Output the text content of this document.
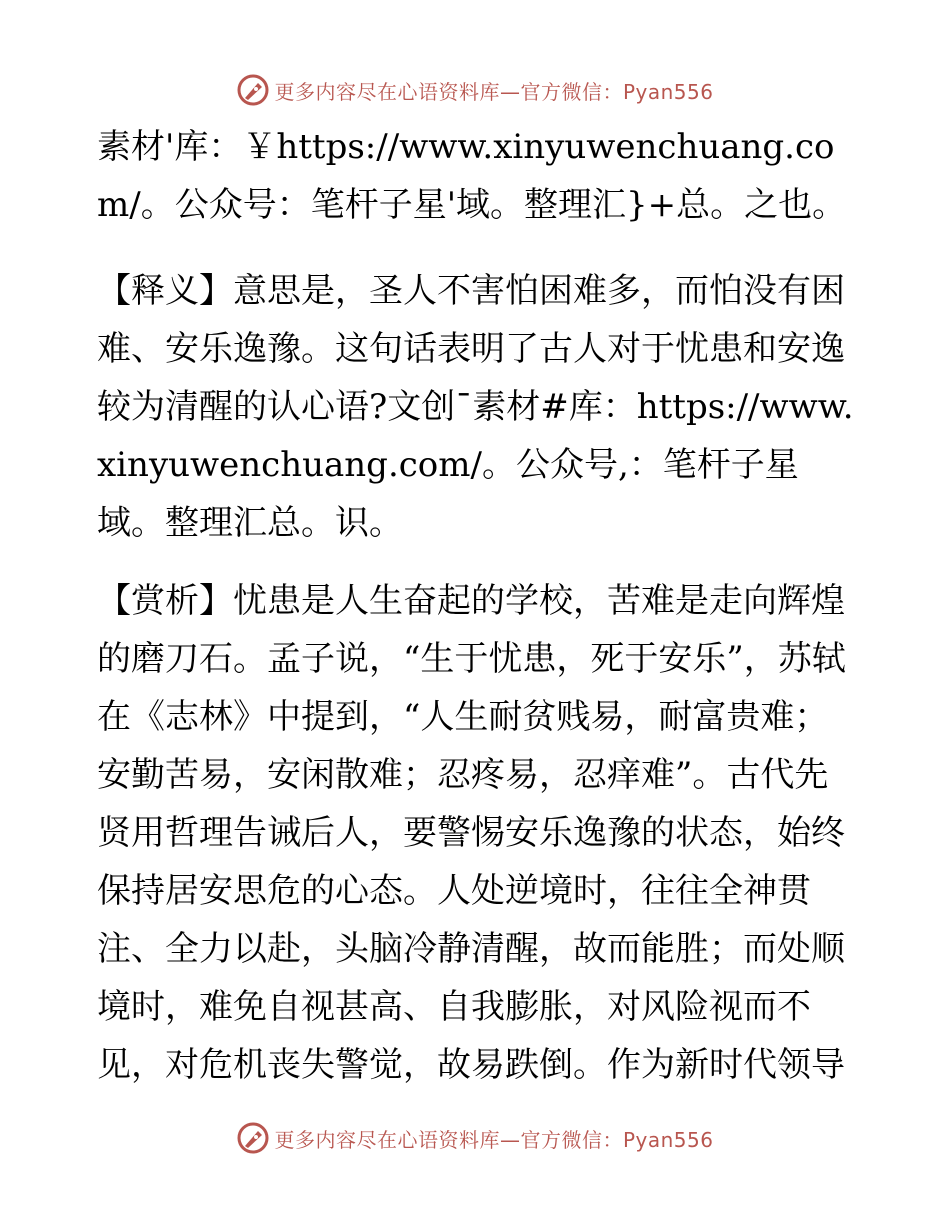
更多内容尽在心语资料库—官方微信：Pyan556

素材'库：￥https://www.xinyuwenchuang.com/。公众号：笔杆子星'域。整理汇}+总。之也。

【释义】意思是，圣人不害怕困难多，而怕没有困难、安乐逸豫。这句话表明了古人对于忧患和安逸较为清醒的认心语?文创¯素材#库：https://www.xinyuwenchuang.com/。公众号,：笔杆子星域。整理汇总。识。

【赏析】忧患是人生奋起的学校，苦难是走向辉煌的磨刀石。孟子说，“生于忧患，死于安乐”，苏轼在《志林》中提到，“人生耐贫贱易，耐富贵难；安勤苦易，安闲散难；忍疼易，忍痒难”。古代先贤用哲理告诫后人，要警惕安乐逸豫的状态，始终保持居安思危的心态。人处逆境时，往往全神贯注、全力以赴，头脑冷静清醒，故而能胜；而处顺境时，难免自视甚高、自我膨胀，对风险视而不见，对危机丧失警觉，故易跌倒。作为新时代领导

更多内容尽在心语资料库—官方微信：Pyan556
